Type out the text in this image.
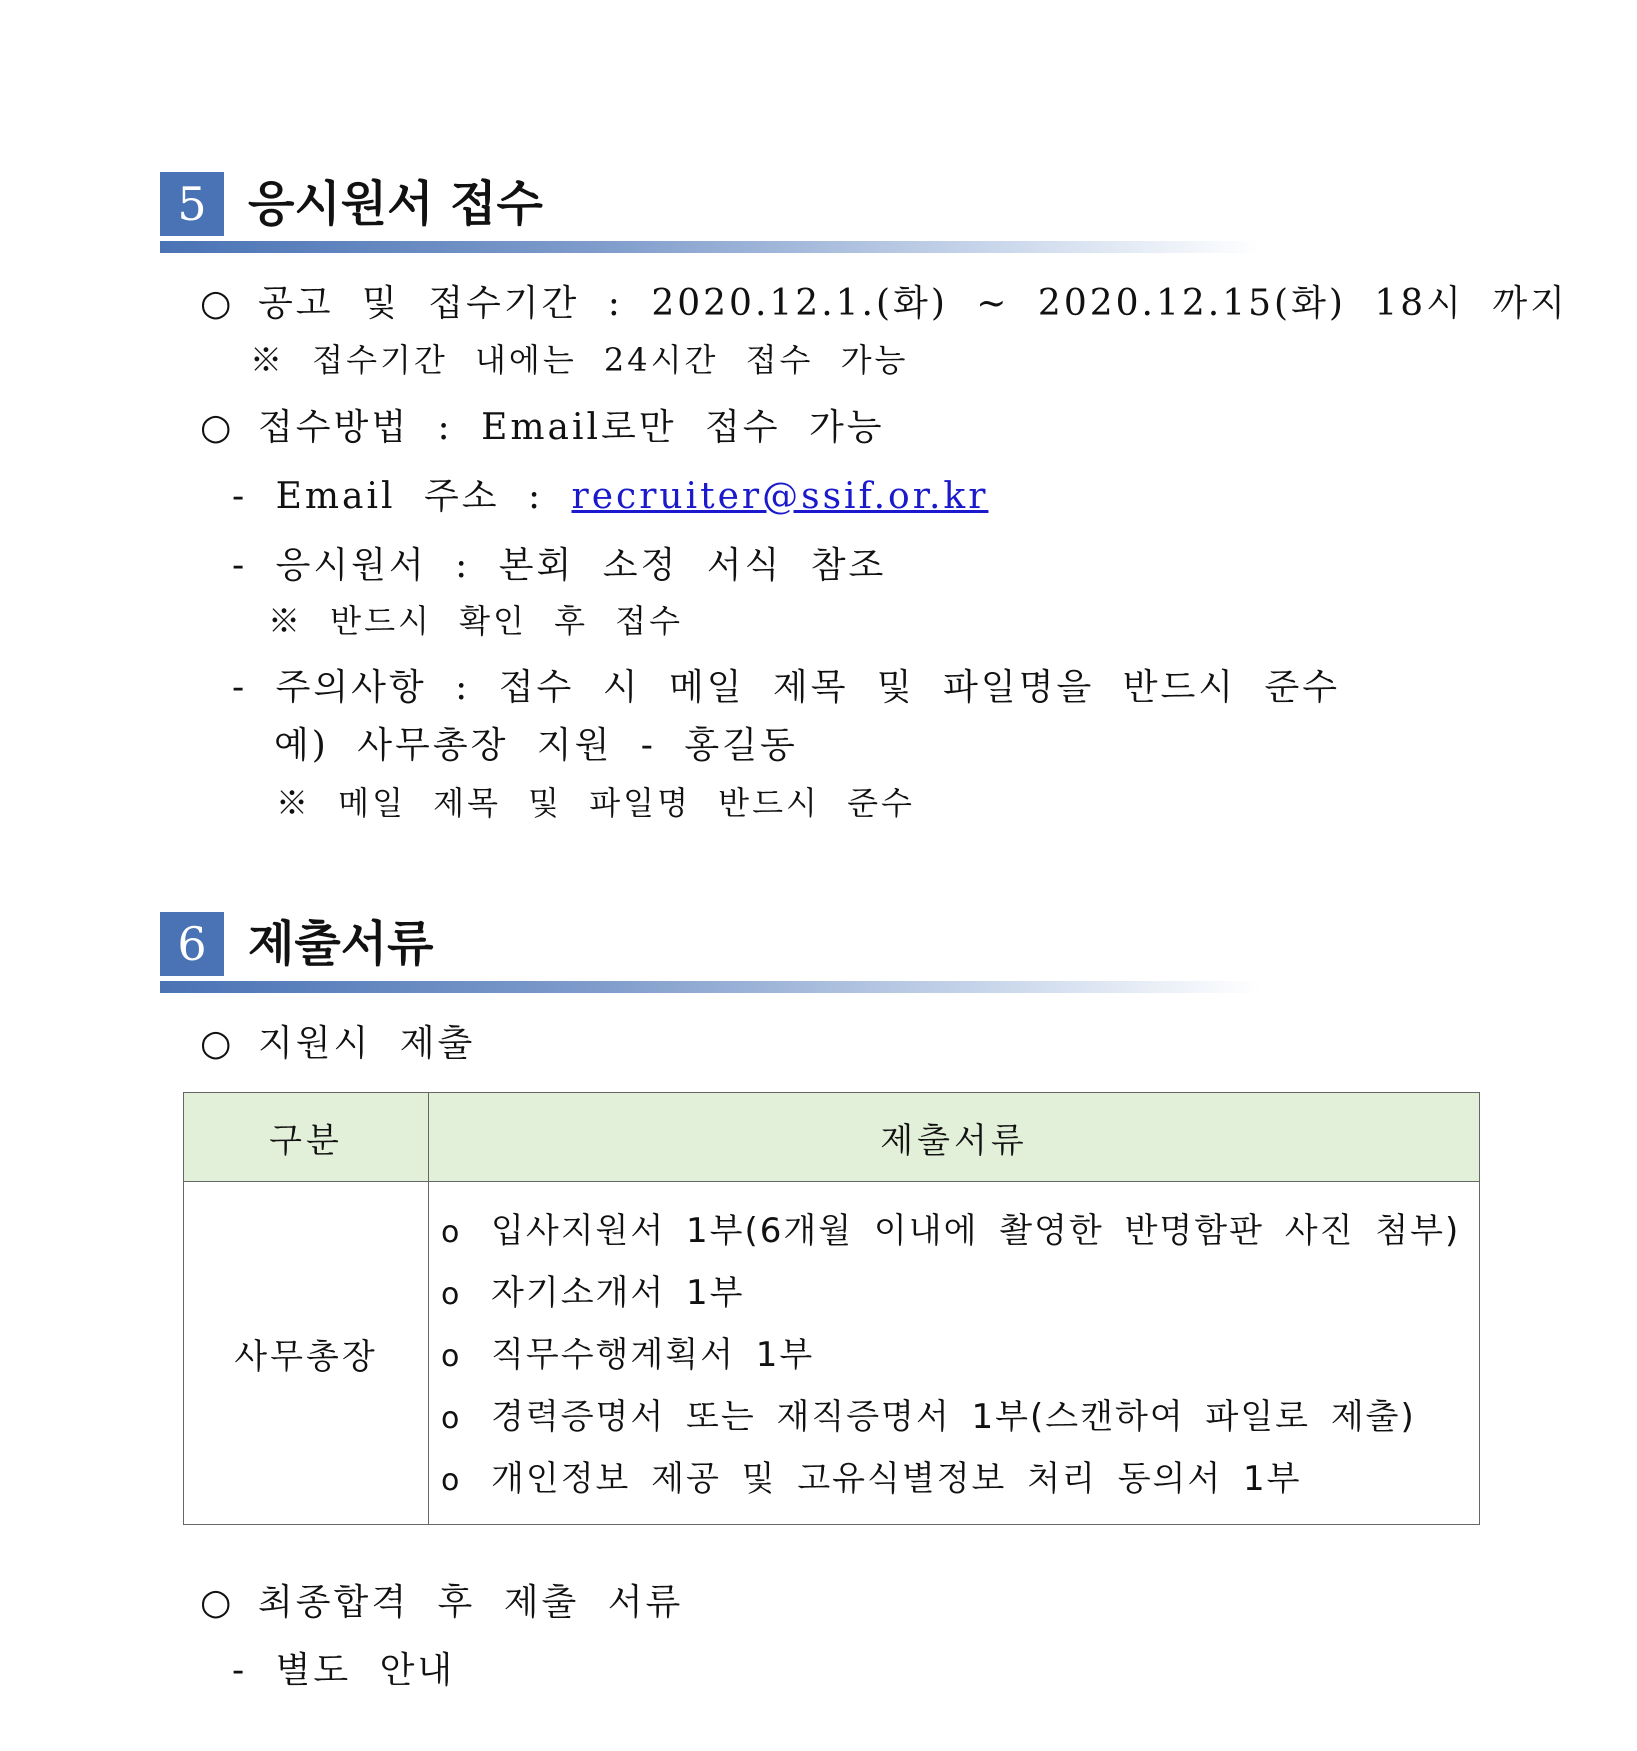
5 응시원서 접수
○ 공고 및 접수기간 : 2020.12.1.(화) ~ 2020.12.15(화) 18시 까지
※ 접수기간 내에는 24시간 접수 가능
○ 접수방법 : Email로만 접수 가능
- Email 주소 : recruiter@ssif.or.kr
- 응시원서 : 본회 소정 서식 참조
※ 반드시 확인 후 접수
- 주의사항 : 접수 시 메일 제목 및 파일명을 반드시 준수
예) 사무총장 지원 - 홍길동
※ 메일 제목 및 파일명 반드시 준수
6 제출서류
○ 지원시 제출
구분	제출서류
사무총장	o 입사지원서 1부(6개월 이내에 촬영한 반명함판 사진 첨부)
o 자기소개서 1부
o 직무수행계획서 1부
o 경력증명서 또는 재직증명서 1부(스캔하여 파일로 제출)
o 개인정보 제공 및 고유식별정보 처리 동의서 1부
○ 최종합격 후 제출 서류
- 별도 안내
